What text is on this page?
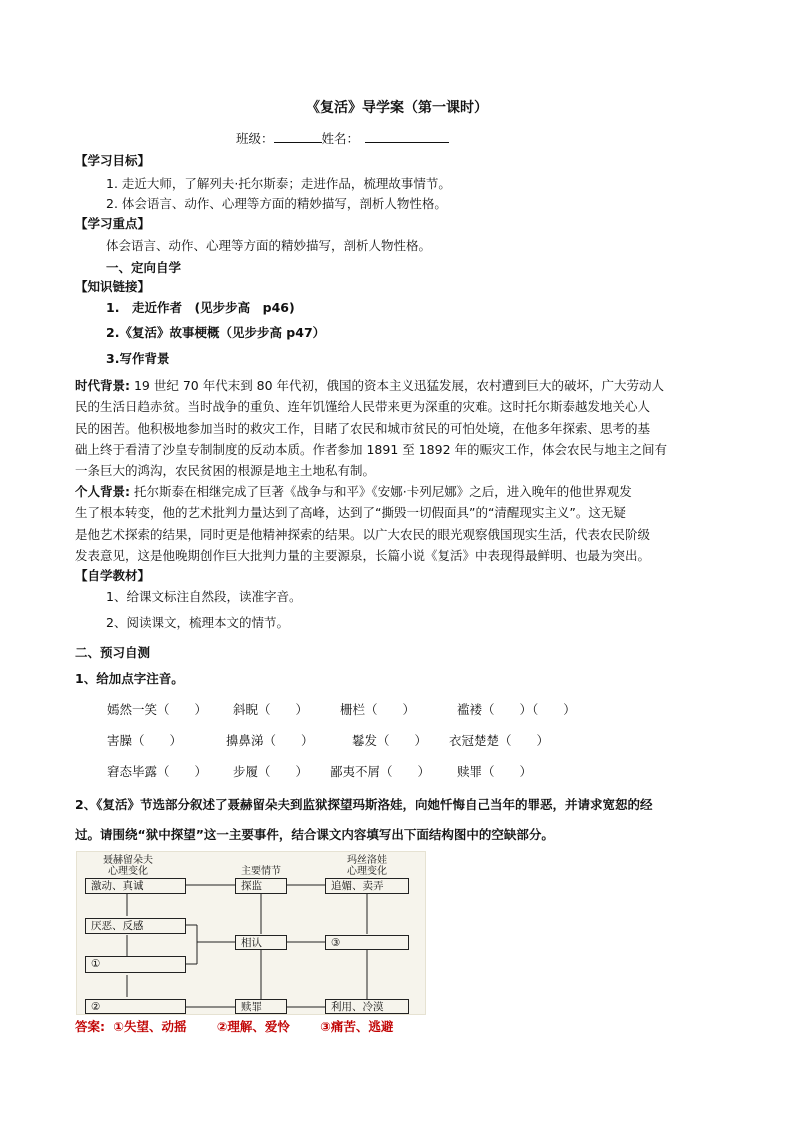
《复活》导学案（第一课时）
班级：	姓名：
【学习目标】
1. 走近大师，了解列夫·托尔斯泰；走进作品，梳理故事情节。
2. 体会语言、动作、心理等方面的精妙描写，剖析人物性格。
【学习重点】
体会语言、动作、心理等方面的精妙描写，剖析人物性格。
一、定向自学
【知识链接】
1.　走近作者　(见步步高　p46)
2.《复活》故事梗概（见步步高 p47）
3.写作背景
时代背景: 19 世纪 70 年代末到 80 年代初，俄国的资本主义迅猛发展，农村遭到巨大的破坏，广大劳动人
民的生活日趋赤贫。当时战争的重负、连年饥馑给人民带来更为深重的灾难。这时托尔斯泰越发地关心人
民的困苦。他积极地参加当时的救灾工作，目睹了农民和城市贫民的可怕处境，在他多年探索、思考的基
础上终于看清了沙皇专制制度的反动本质。作者参加 1891 至 1892 年的赈灾工作，体会农民与地主之间有
一条巨大的鸿沟，农民贫困的根源是地主土地私有制。
个人背景: 托尔斯泰在相继完成了巨著《战争与和平》《安娜·卡列尼娜》之后，进入晚年的他世界观发
生了根本转变，他的艺术批判力量达到了高峰，达到了“撕毁一切假面具”的“清醒现实主义”。这无疑
是他艺术探索的结果，同时更是他精神探索的结果。以广大农民的眼光观察俄国现实生活，代表农民阶级
发表意见，这是他晚期创作巨大批判力量的主要源泉，长篇小说《复活》中表现得最鲜明、也最为突出。
【自学教材】
1、给课文标注自然段，读准字音。
2、阅读课文，梳理本文的情节。
二、预习自测
1、给加点字注音。
嫣然一笑（　　） 斜睨（　　）	栅栏（　　）	褴褛（　　）（　　）
害臊（　　）	擤鼻涕（　　）	鬈发（　　） 衣冠楚楚（　　）
窘态毕露（　　） 步履（　　） 鄙夷不屑（　　） 赎罪（　　）
2、《复活》节选部分叙述了聂赫留朵夫到监狱探望玛斯洛娃，向她忏悔自己当年的罪恶，并请求宽恕的经
过。请围绕“狱中探望”这一主要事件，结合课文内容填写出下面结构图中的空缺部分。
聂赫留朵夫
心理变化	主要情节
玛丝洛娃
心理变化
激动、真诚
厌恶、反感
①
②
探监
相认
赎罪
追媚、卖弄
③
利用、冷漠
答案: ①失望、动摇 ②理解、爱怜 ③痛苦、逃避
